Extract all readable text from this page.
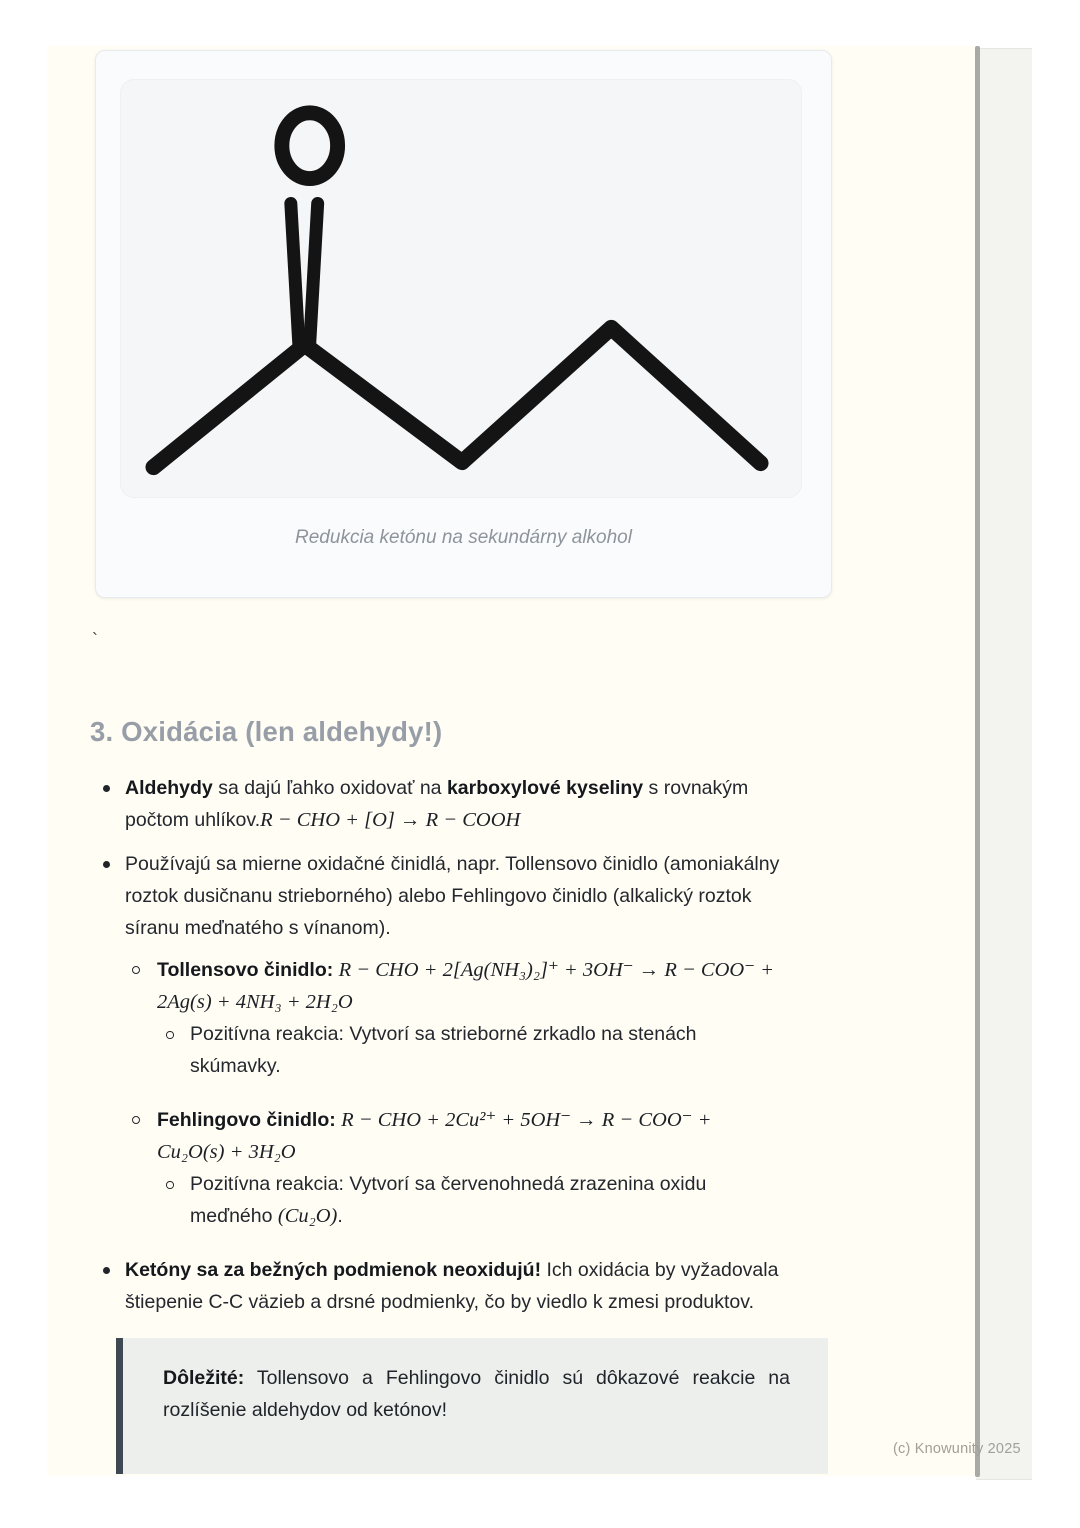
(c) Knowunity 2025
Redukcia ketónu na sekundárny alkohol
`
3. Oxidácia (len aldehydy!)
Aldehydy sa dajú ľahko oxidovať na karboxylové kyseliny s rovnakým
počtom uhlíkov.R − CHO + [O] → R − COOH
Používajú sa mierne oxidačné činidlá, napr. Tollensovo činidlo (amoniakálny
roztok dusičnanu strieborného) alebo Fehlingovo činidlo (alkalický roztok
síranu meďnatého s vínanom).
Tollensovo činidlo: R − CHO + 2[Ag(NH₃)₂]⁺ + 3OH⁻ → R − COO⁻ +
2Ag(s) + 4NH₃ + 2H₂O
Pozitívna reakcia: Vytvorí sa strieborné zrkadlo na stenách
skúmavky.
Fehlingovo činidlo: R − CHO + 2Cu²⁺ + 5OH⁻ → R − COO⁻ +
Cu₂O(s) + 3H₂O
Pozitívna reakcia: Vytvorí sa červenohnedá zrazenina oxidu
meďného (Cu₂O).
Ketóny sa za bežných podmienok neoxidujú! Ich oxidácia by vyžadovala
štiepenie C-C väzieb a drsné podmienky, čo by viedlo k zmesi produktov.

Dôležité: Tollensovo a Fehlingovo činidlo sú dôkazové reakcie na rozlíšenie aldehydov od ketónov!
